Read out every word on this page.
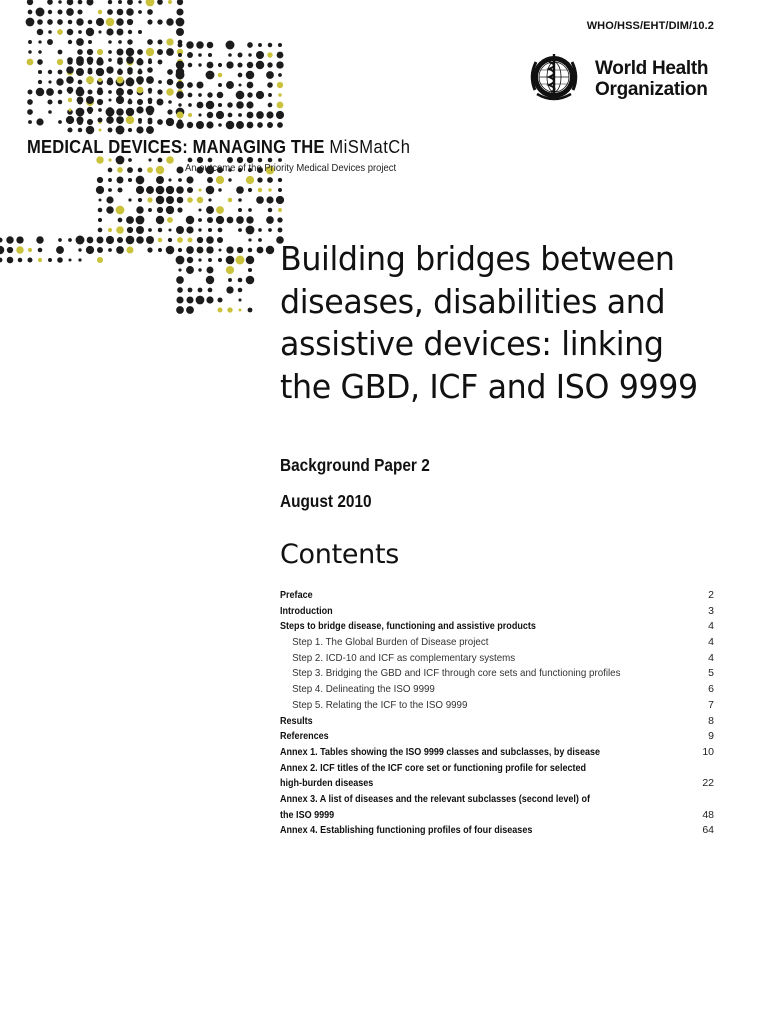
WHO/HSS/EHT/DIM/10.2
World Health
Organization
MEDICAL DEVICES: MANAGING THE MiSMatCh
An outcome of the Priority Medical Devices project
Building bridges between diseases, disabilities and assistive devices: linking the GBD, ICF and ISO 9999
Background Paper 2
August 2010
Contents
Preface	2
Introduction	3
Steps to bridge disease, functioning and assistive products	4
Step 1. The Global Burden of Disease project	4
Step 2. ICD-10 and ICF as complementary systems	4
Step 3. Bridging the GBD and ICF through core sets and functioning profiles	5
Step 4. Delineating the ISO 9999	6
Step 5. Relating the ICF to the ISO 9999	7
Results	8
References	9
Annex 1. Tables showing the ISO 9999 classes and subclasses, by disease	10
Annex 2. ICF titles of the ICF core set or functioning profile for selected
high-burden diseases	22
Annex 3. A list of diseases and the relevant subclasses (second level) of
the ISO 9999	48
Annex 4. Establishing functioning profiles of four diseases	64
